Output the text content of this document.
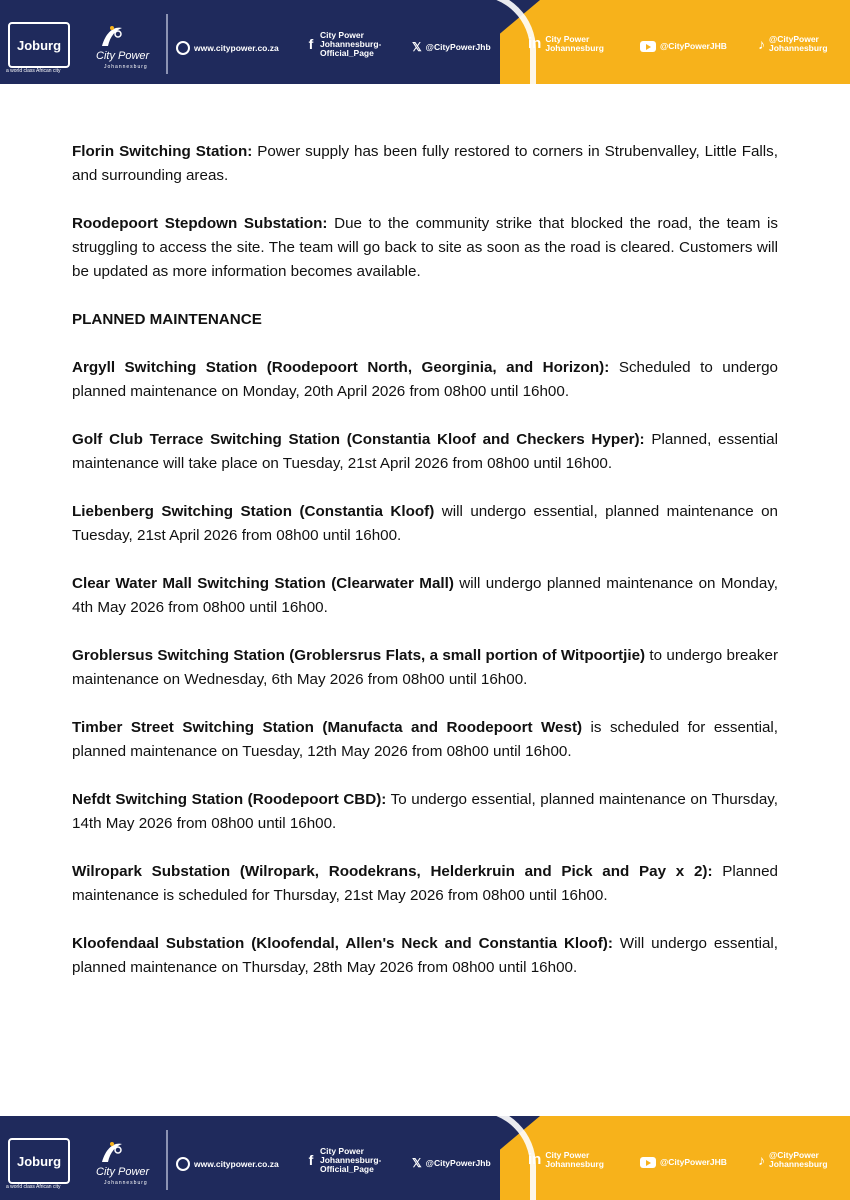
Joburg
a world class African city
City Power
Johannesburg
www.citypower.co.za f
City Power Johannesburg-Official_Page	𝕏 @CityPowerJhb in City Power Johannesburg	@CityPowerJHB ♪ @CityPower Johannesburg

Florin Switching Station: Power supply has been fully restored to corners in Strubenvalley, Little Falls, and surrounding areas.

Roodepoort Stepdown Substation: Due to the community strike that blocked the road, the team is struggling to access the site. The team will go back to site as soon as the road is cleared. Customers will be updated as more information becomes available.

PLANNED MAINTENANCE

Argyll Switching Station (Roodepoort North, Georginia, and Horizon): Scheduled to undergo planned maintenance on Monday, 20th April 2026 from 08h00 until 16h00.

Golf Club Terrace Switching Station (Constantia Kloof and Checkers Hyper): Planned, essential maintenance will take place on Tuesday, 21st April 2026 from 08h00 until 16h00.

Liebenberg Switching Station (Constantia Kloof) will undergo essential, planned maintenance on Tuesday, 21st April 2026 from 08h00 until 16h00.

Clear Water Mall Switching Station (Clearwater Mall) will undergo planned maintenance on Monday, 4th May 2026 from 08h00 until 16h00.

Groblersus Switching Station (Groblersrus Flats, a small portion of Witpoortjie) to undergo breaker maintenance on Wednesday, 6th May 2026 from 08h00 until 16h00.

Timber Street Switching Station (Manufacta and Roodepoort West) is scheduled for essential, planned maintenance on Tuesday, 12th May 2026 from 08h00 until 16h00.

Nefdt Switching Station (Roodepoort CBD): To undergo essential, planned maintenance on Thursday, 14th May 2026 from 08h00 until 16h00.

Wilropark Substation (Wilropark, Roodekrans, Helderkruin and Pick and Pay x 2): Planned maintenance is scheduled for Thursday, 21st May 2026 from 08h00 until 16h00.

Kloofendaal Substation (Kloofendal, Allen's Neck and Constantia Kloof): Will undergo essential, planned maintenance on Thursday, 28th May 2026 from 08h00 until 16h00.

Joburg
a world class African city
City Power
Johannesburg
www.citypower.co.za f
City Power Johannesburg-Official_Page	𝕏 @CityPowerJhb in City Power Johannesburg	@CityPowerJHB ♪ @CityPower Johannesburg
